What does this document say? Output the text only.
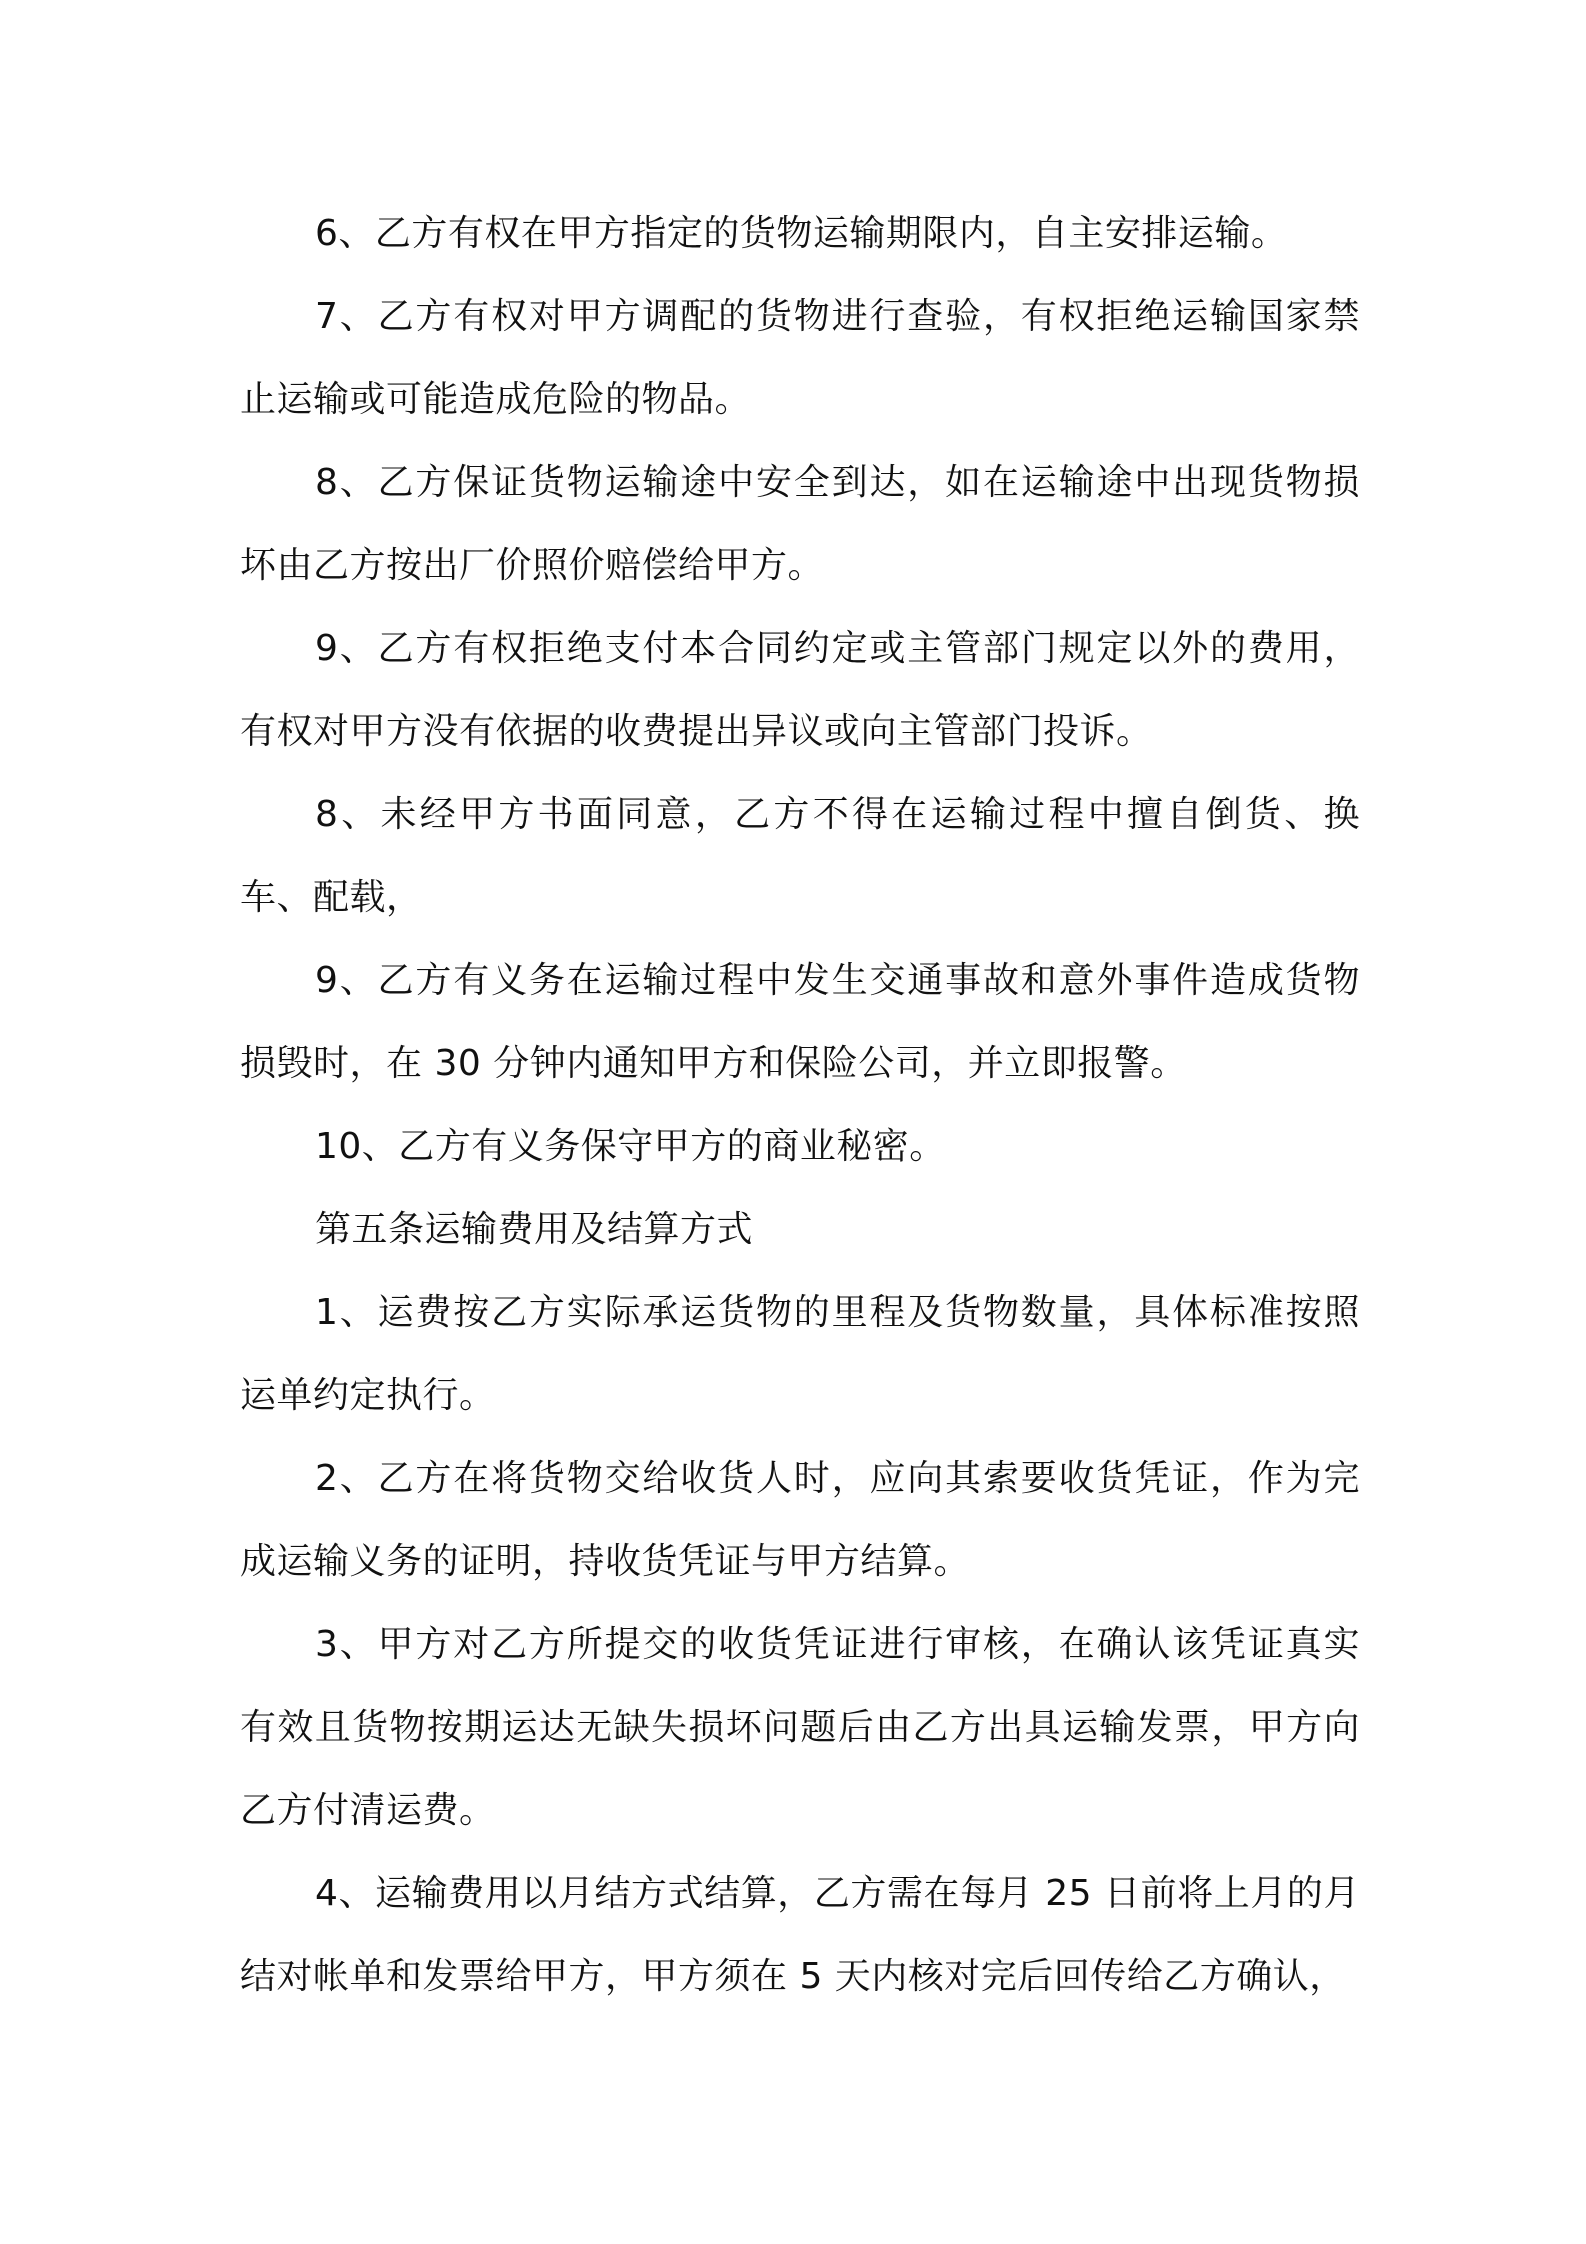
6、乙方有权在甲方指定的货物运输期限内，自主安排运输。

7、乙方有权对甲方调配的货物进行查验，有权拒绝运输国家禁止运输或可能造成危险的物品。

8、乙方保证货物运输途中安全到达，如在运输途中出现货物损坏由乙方按出厂价照价赔偿给甲方。

9、乙方有权拒绝支付本合同约定或主管部门规定以外的费用，有权对甲方没有依据的收费提出异议或向主管部门投诉。

8、未经甲方书面同意，乙方不得在运输过程中擅自倒货、换车、配载，

9、乙方有义务在运输过程中发生交通事故和意外事件造成货物损毁时，在 30 分钟内通知甲方和保险公司，并立即报警。

10、乙方有义务保守甲方的商业秘密。

第五条运输费用及结算方式

1、运费按乙方实际承运货物的里程及货物数量，具体标准按照运单约定执行。

2、乙方在将货物交给收货人时，应向其索要收货凭证，作为完成运输义务的证明，持收货凭证与甲方结算。

3、甲方对乙方所提交的收货凭证进行审核，在确认该凭证真实有效且货物按期运达无缺失损坏问题后由乙方出具运输发票，甲方向乙方付清运费。

4、运输费用以月结方式结算，乙方需在每月 25 日前将上月的月结对帐单和发票给甲方，甲方须在 5 天内核对完后回传给乙方确认，
